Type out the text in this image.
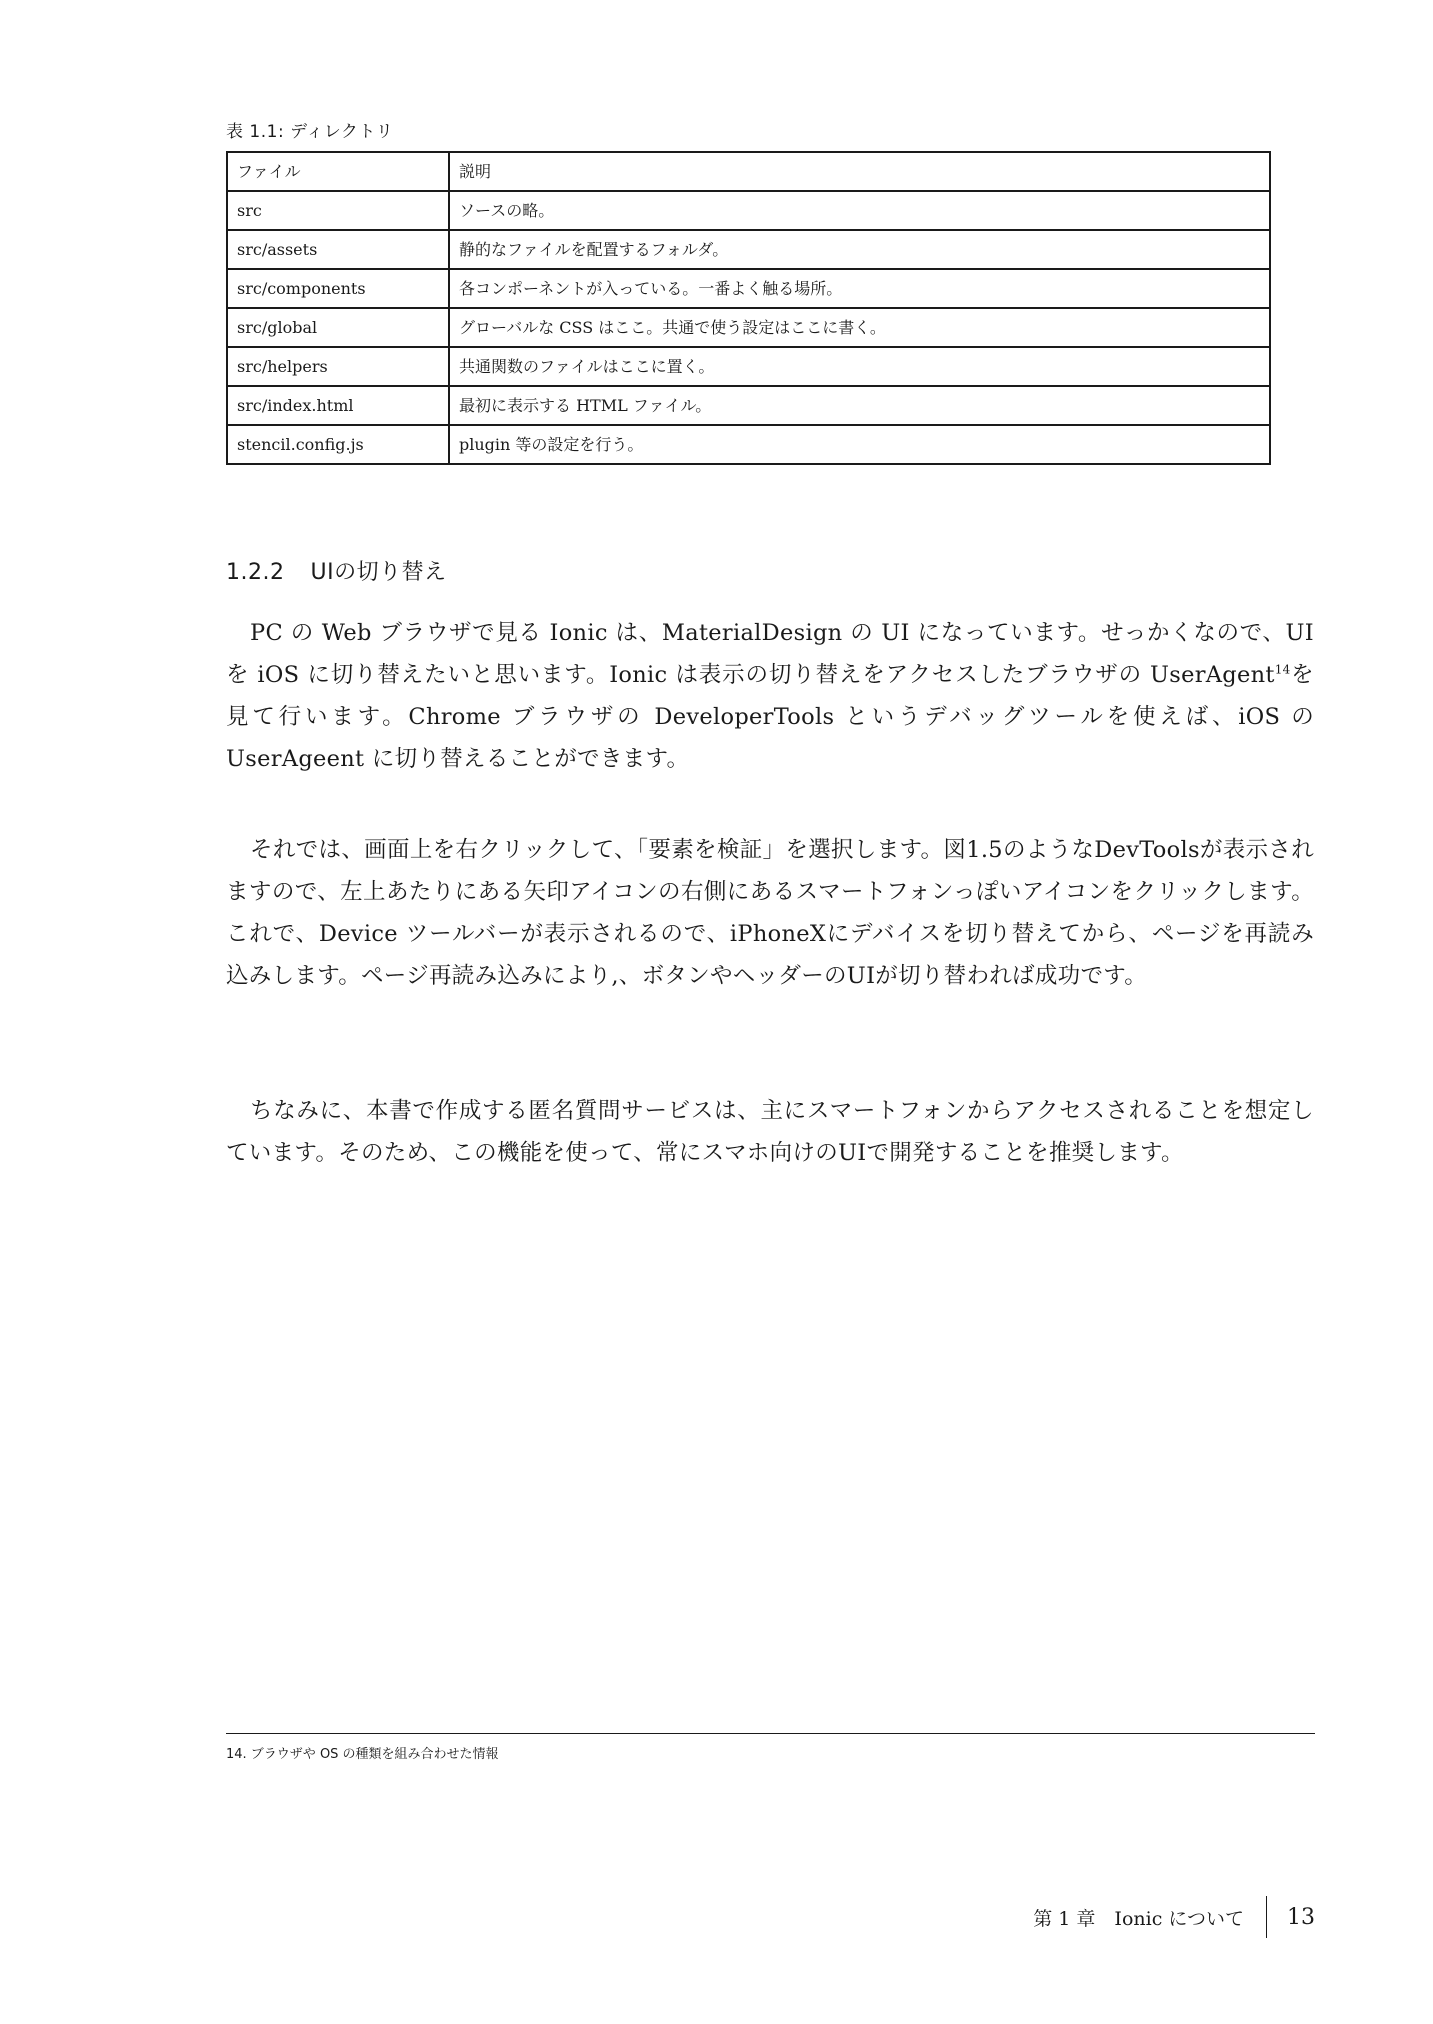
表 1.1: ディレクトリ
ファイル	説明
src	ソースの略。
src/assets	静的なファイルを配置するフォルダ。
src/components	各コンポーネントが入っている。一番よく触る場所。
src/global	グローバルな CSS はここ。共通で使う設定はここに書く。
src/helpers	共通関数のファイルはここに置く。
src/index.html	最初に表示する HTML ファイル。
stencil.config.js	plugin 等の設定を行う。
1.2.2 UIの切り替え

PC の Web ブラウザで見る Ionic は、MaterialDesign の UI になっています。せっかくなので、UI を iOS に切り替えたいと思います。Ionic は表示の切り替えをアクセスしたブラウザの UserAgent$^{14}$を見て行います。Chrome ブラウザの DeveloperTools というデバッグツールを使えば、iOS の UserAgeent に切り替えることができます。

それでは、画面上を右クリックして、「要素を検証」を選択します。図1.5のようなDevToolsが表示されますので、左上あたりにある矢印アイコンの右側にあるスマートフォンっぽいアイコンをクリックします。これで、Device ツールバーが表示されるので、iPhoneXにデバイスを切り替えてから、ページを再読み込みします。ページ再読み込みにより,、ボタンやヘッダーのUIが切り替われば成功です。

ちなみに、本書で作成する匿名質問サービスは、主にスマートフォンからアクセスされることを想定しています。そのため、この機能を使って、常にスマホ向けのUIで開発することを推奨します。

14. ブラウザや OS の種類を組み合わせた情報
第 1 章　Ionic について 13
